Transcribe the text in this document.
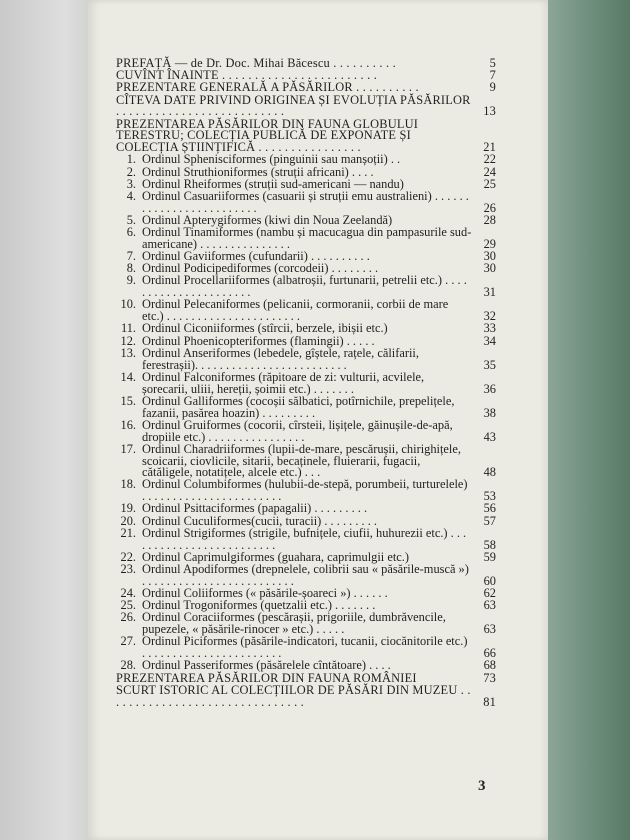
PREFAȚĂ — de Dr. Doc. Mihai Băcescu . . . . . . . . . .	5
CUVÎNT ÎNAINTE . . . . . . . . . . . . . . . . . . . . . . . .	7
PREZENTARE GENERALĂ A PĂSĂRILOR . . . . . . . . . .	9
CÎTEVA DATE PRIVIND ORIGINEA ȘI EVOLUȚIA PĂSĂRILOR . . . . . . . . . . . . . . . . . . . . . . . . . .	13
PREZENTAREA PĂSĂRILOR DIN FAUNA GLOBULUI TERESTRU; COLECȚIA PUBLICĂ DE EXPONATE ȘI COLECȚIA ȘTIINȚIFICĂ . . . . . . . . . . . . . . . .	21
1. Ordinul Sphenisciformes (pinguinii sau manșoții) . .	22
2. Ordinul Struthioniformes (struții africani) . . . .	24
3. Ordinul Rheiformes (struții sud-americani — nandu)	25
4. Ordinul Casuariiformes (casuarii și struții emu australieni) . . . . . . . . . . . . . . . . . . . . . . . . .	26
5. Ordinul Apterygiformes (kiwi din Noua Zeelandă)	28
6. Ordinul Tinamiformes (nambu și macucagua din pampasurile sud-americane) . . . . . . . . . . . . . . .	29
7. Ordinul Gaviiformes (cufundarii) . . . . . . . . . .	30
8. Ordinul Podicipediformes (corcodeii) . . . . . . . .	30
9. Ordinul Procellariiformes (albatroșii, furtunarii, petrelii etc.) . . . . . . . . . . . . . . . . . . . . . .	31
10. Ordinul Pelecaniformes (pelicanii, cormoranii, corbii de mare etc.) . . . . . . . . . . . . . . . . . . . . . .	32
11. Ordinul Ciconiiformes (stîrcii, berzele, ibișii etc.)	33
12. Ordinul Phoenicopteriformes (flamingii) . . . . .	34
13. Ordinul Anseriformes (lebedele, gîștele, rațele, călifarii, ferestrașii). . . . . . . . . . . . . . . . . . . . . . . . .	35
14. Ordinul Falconiformes (răpitoare de zi: vulturii, acvilele, șorecarii, uliii, hereții, șoimii etc.) . . . . . . .	36
15. Ordinul Galliformes (cocoșii sălbatici, potîrnichile, prepelițele, fazanii, pasărea hoazin) . . . . . . . . .	38
16. Ordinul Gruiformes (cocorii, cîrsteii, lișițele, găinușile-de-apă, dropiile etc.) . . . . . . . . . . . . . . . .	43
17. Ordinul Charadriiformes (lupii-de-mare, pescărușii, chirighițele, scoicarii, ciovlicile, sitarii, becaținele, fluierarii, fugacii, cătăligele, notatițele, alcele etc.) . . .	48
18. Ordinul Columbiformes (hulubii-de-stepă, porumbeii, turturelele) . . . . . . . . . . . . . . . . . . . . . . .	53
19. Ordinul Psittaciformes (papagalii) . . . . . . . . .	56
20. Ordinul Cuculiformes(cucii, turacii) . . . . . . . . .	57
21. Ordinul Strigiformes (strigile, bufnițele, ciufii, huhurezii etc.) . . . . . . . . . . . . . . . . . . . . . . . . .	58
22. Ordinul Caprimulgiformes (guahara, caprimulgii etc.)	59
23. Ordinul Apodiformes (drepnelele, colibrii sau « păsările-muscă ») . . . . . . . . . . . . . . . . . . . . . . . . .	60
24. Ordinul Coliiformes (« păsările-șoareci ») . . . . . .	62
25. Ordinul Trogoniformes (quetzalii etc.) . . . . . . .	63
26. Ordinul Coraciiformes (pescărașii, prigoriile, dumbrăvencile, pupezele, « păsările-rinocer » etc.) . . . . .	63
27. Ordinul Piciformes (păsările-indicatori, tucanii, ciocănitorile etc.) . . . . . . . . . . . . . . . . . . . . . . .	66
28. Ordinul Passeriformes (păsărelele cîntătoare) . . . .	68
PREZENTAREA PĂSĂRILOR DIN FAUNA ROMÂNIEI	73
SCURT ISTORIC AL COLECȚIILOR DE PĂSĂRI DIN MUZEU . . . . . . . . . . . . . . . . . . . . . . . . . . . . . . .	81
3
